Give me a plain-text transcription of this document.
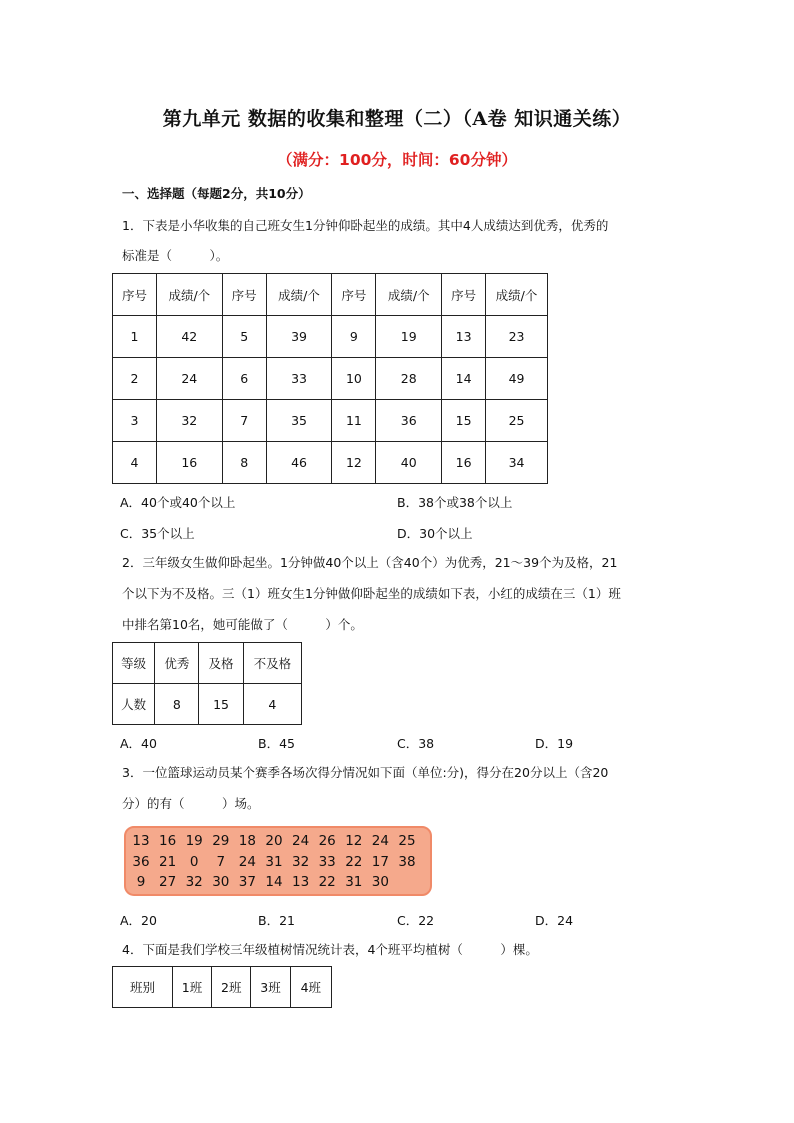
第九单元 数据的收集和整理（二）（A卷 知识通关练）
（满分：100分，时间：60分钟）
一、选择题（每题2分，共10分）
1．下表是小华收集的自己班女生1分钟仰卧起坐的成绩。其中4人成绩达到优秀，优秀的
标准是（　　　）。
序号	成绩/个	序号	成绩/个	序号	成绩/个	序号	成绩/个
1	42	5	39	9	19	13	23
2	24	6	33	10	28	14	49
3	32	7	35	11	36	15	25
4	16	8	46	12	40	16	34
A．40个或40个以上	B．38个或38个以上
C．35个以上	D．30个以上
2．三年级女生做仰卧起坐。1分钟做40个以上（含40个）为优秀，21～39个为及格，21
个以下为不及格。三（1）班女生1分钟做仰卧起坐的成绩如下表，小红的成绩在三（1）班
中排名第10名，她可能做了（　　　）个。
等级	优秀	及格	不及格
人数	8	15	4
A．40	B．45	C．38	D．19
3．一位篮球运动员某个赛季各场次得分情况如下面（单位:分)，得分在20分以上（含20
分）的有（　　　）场。
13 16 19 29 18 20 24 26 12 24 25
36 21	0	7	24 31 32 33 22 17 38
9	27 32 30 37 14 13 22 31 30
A．20	B．21	C．22	D．24
4．下面是我们学校三年级植树情况统计表，4个班平均植树（　　　）棵。
班别	1班	2班	3班	4班
